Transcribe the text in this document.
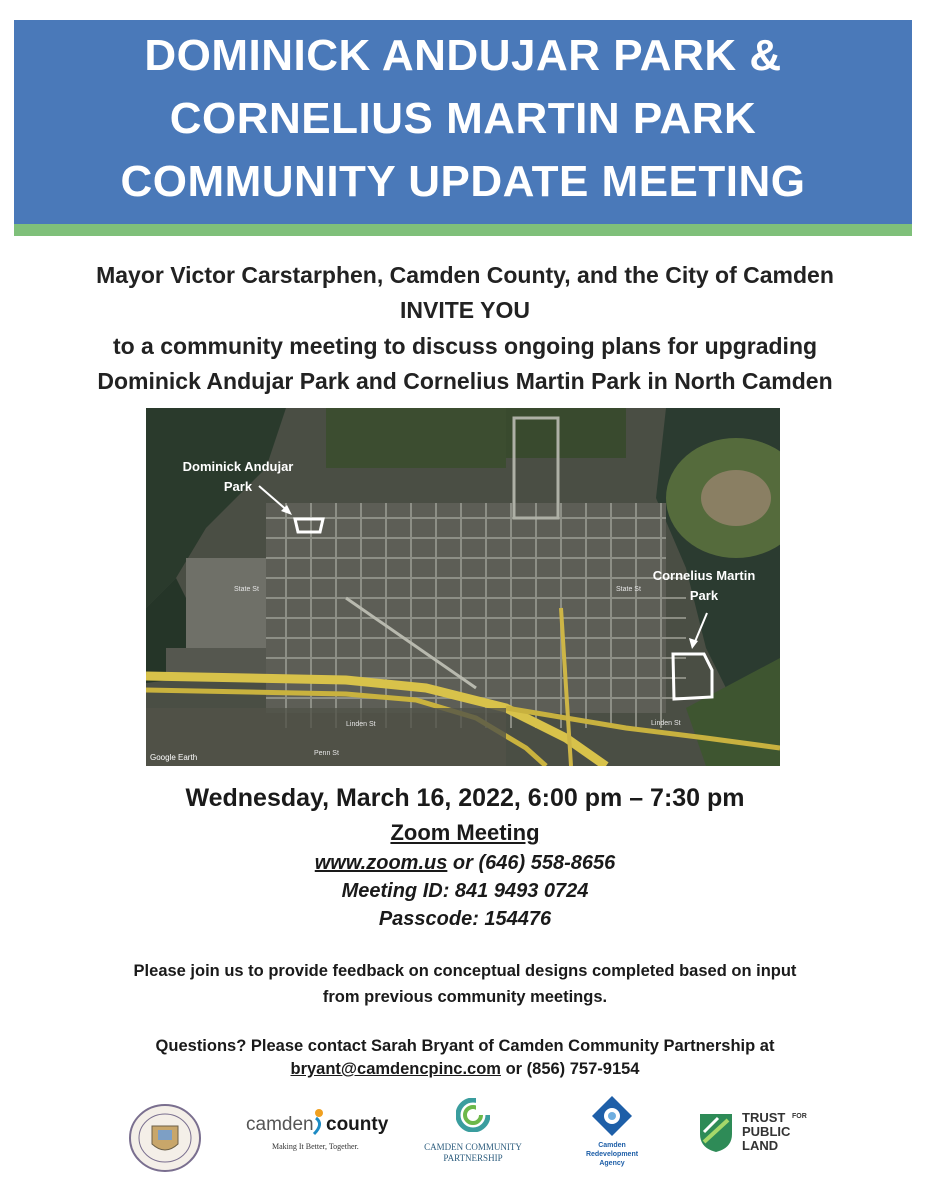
DOMINICK ANDUJAR PARK &
CORNELIUS MARTIN PARK
COMMUNITY UPDATE MEETING
Mayor Victor Carstarphen, Camden County, and the City of Camden
INVITE YOU
to a community meeting to discuss ongoing plans for upgrading
Dominick Andujar Park and Cornelius Martin Park in North Camden
Dominick Andujar
Park
Cornelius Martin
Park
State St	State St
Linden St	Linden St
Penn St
Google Earth
Wednesday, March 16, 2022, 6:00 pm – 7:30 pm
Zoom Meeting
www.zoom.us or (646) 558-8656
Meeting ID: 841 9493 0724
Passcode: 154476
Please join us to provide feedback on conceptual designs completed based on input
from previous community meetings.
Questions? Please contact Sarah Bryant of Camden Community Partnership at
bryant@camdencpinc.com or (856) 757-9154
camden county
Making It Better, Together.	CAMDEN COMMUNITY
PARTNERSHIP
Camden
Redevelopment
Agency
TRUST FOR
PUBLIC
LAND
